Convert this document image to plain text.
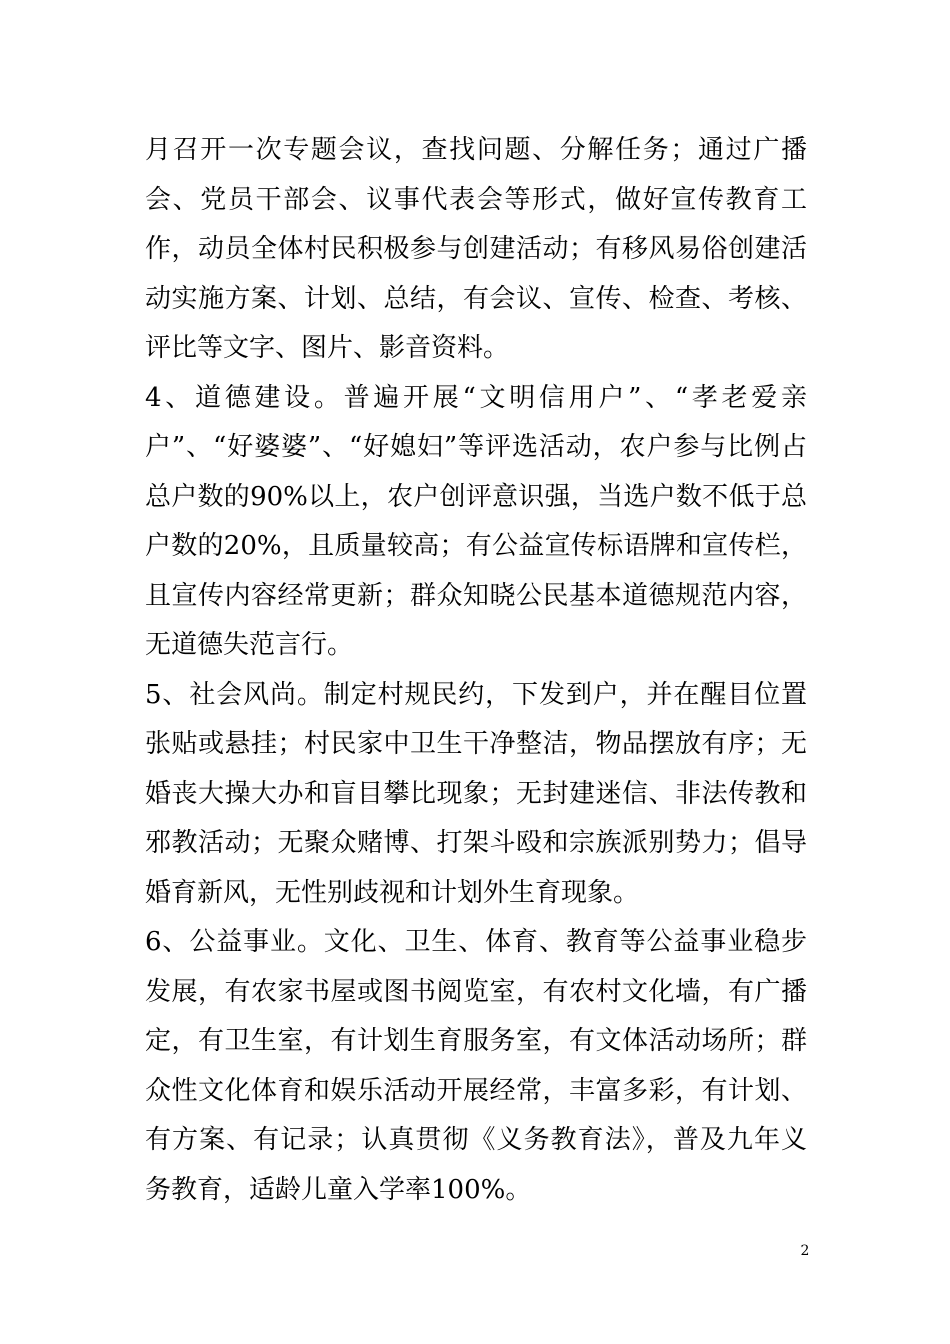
月召开一次专题会议，查找问题、分解任务；通过广播会、党员干部会、议事代表会等形式，做好宣传教育工作，动员全体村民积极参与创建活动；有移风易俗创建活动实施方案、计划、总结，有会议、宣传、检查、考核、评比等文字、图片、影音资料。

4、道德建设。普遍开展“文明信用户”、“孝老爱亲户”、“好婆婆”、“好媳妇”等评选活动，农户参与比例占总户数的90%以上，农户创评意识强，当选户数不低于总户数的20%，且质量较高；有公益宣传标语牌和宣传栏，且宣传内容经常更新；群众知晓公民基本道德规范内容，无道德失范言行。

5、社会风尚。制定村规民约，下发到户，并在醒目位置张贴或悬挂；村民家中卫生干净整洁，物品摆放有序；无婚丧大操大办和盲目攀比现象；无封建迷信、非法传教和邪教活动；无聚众赌博、打架斗殴和宗族派别势力；倡导婚育新风，无性别歧视和计划外生育现象。

6、公益事业。文化、卫生、体育、教育等公益事业稳步发展，有农家书屋或图书阅览室，有农村文化墙，有广播定，有卫生室，有计划生育服务室，有文体活动场所；群众性文化体育和娱乐活动开展经常，丰富多彩，有计划、有方案、有记录；认真贯彻《义务教育法》，普及九年义务教育，适龄儿童入学率100%。

2
